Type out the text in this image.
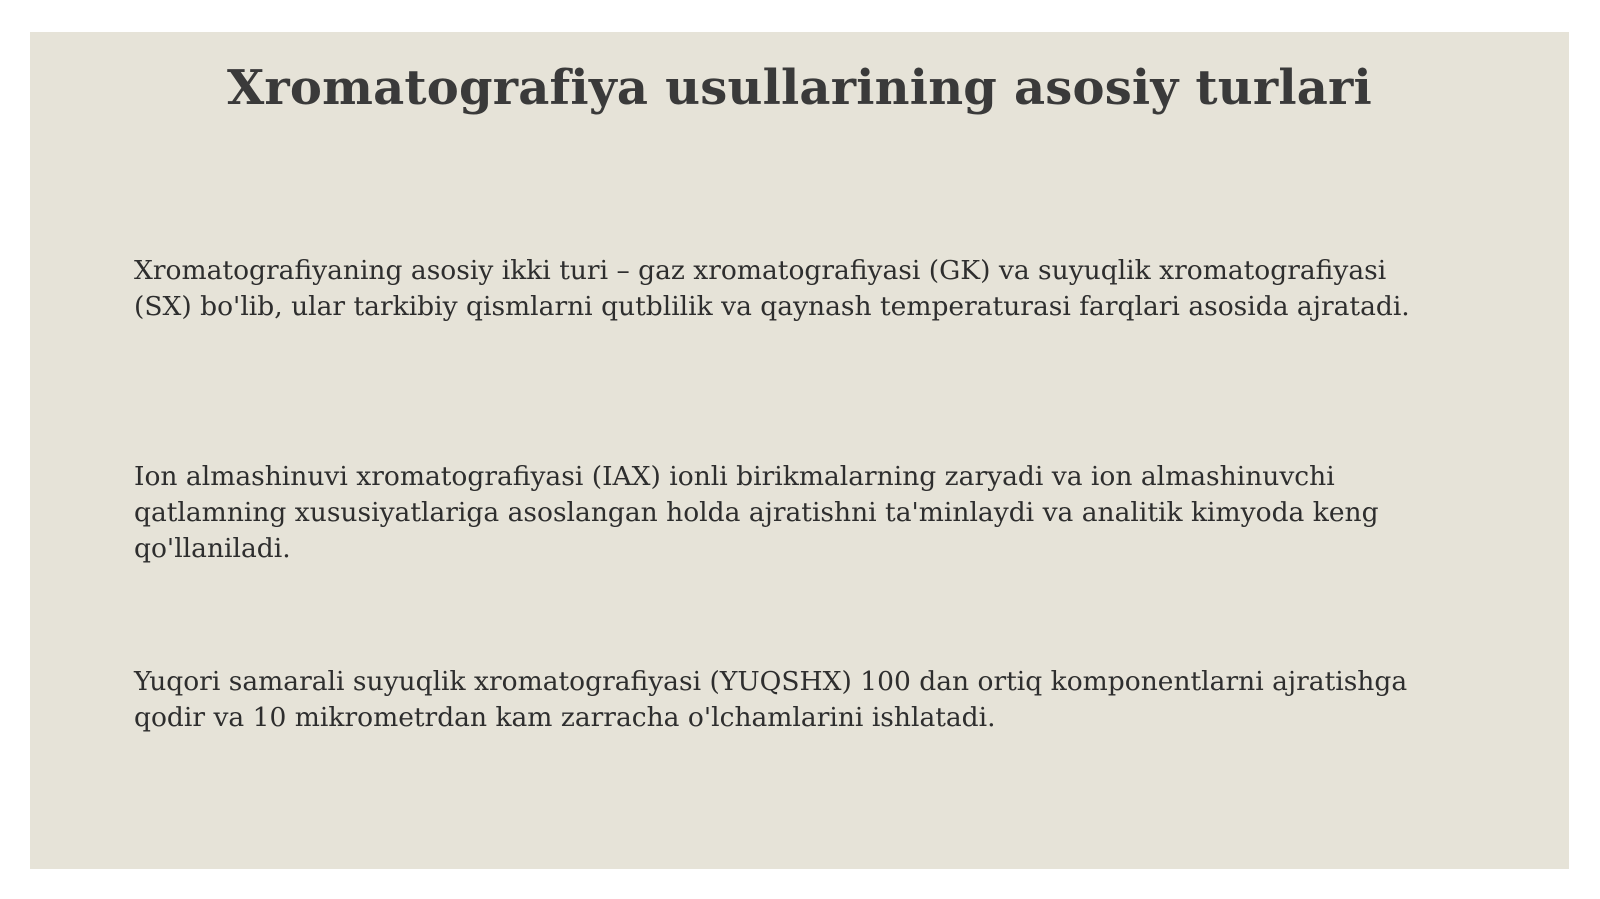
Xromatografiya usullarining asosiy turlari

Xromatografiyaning asosiy ikki turi – gaz xromatografiyasi (GK) va suyuqlik xromatografiyasi
(SX) bo'lib, ular tarkibiy qismlarni qutblilik va qaynash temperaturasi farqlari asosida ajratadi.

Ion almashinuvi xromatografiyasi (IAX) ionli birikmalarning zaryadi va ion almashinuvchi
qatlamning xususiyatlariga asoslangan holda ajratishni ta'minlaydi va analitik kimyoda keng
qo'llaniladi.

Yuqori samarali suyuqlik xromatografiyasi (YUQSHX) 100 dan ortiq komponentlarni ajratishga
qodir va 10 mikrometrdan kam zarracha o'lchamlarini ishlatadi.
